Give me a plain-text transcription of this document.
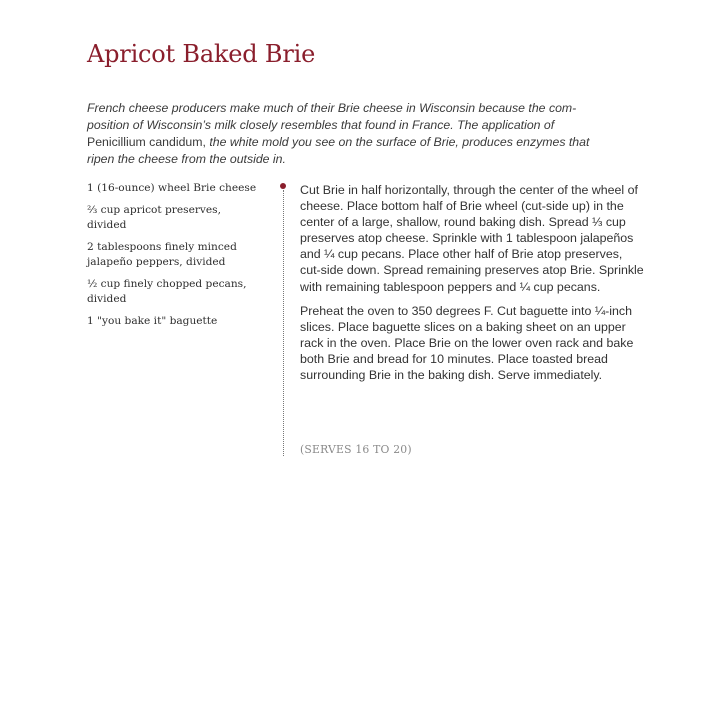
Apricot Baked Brie

French cheese producers make much of their Brie cheese in Wisconsin because the com-position of Wisconsin’s milk closely resembles that found in France. The application of Penicillium candidum, the white mold you see on the surface of Brie, produces enzymes that ripen the cheese from the outside in.

1 (16-ounce) wheel Brie cheese
⅔ cup apricot preserves, divided
2 tablespoons finely minced jalapeño peppers, divided
½ cup finely chopped pecans, divided
1 "you bake it" baguette

Cut Brie in half horizontally, through the center of the wheel of cheese. Place bottom half of Brie wheel (cut-side up) in the center of a large, shallow, round baking dish. Spread ⅓ cup preserves atop cheese. Sprinkle with 1 tablespoon jalapeños and ¼ cup pecans. Place other half of Brie atop preserves, cut-side down. Spread remaining preserves atop Brie. Sprinkle with remaining tablespoon peppers and ¼ cup pecans.

Preheat the oven to 350 degrees F. Cut baguette into ¼-inch slices. Place baguette slices on a baking sheet on an upper rack in the oven. Place Brie on the lower oven rack and bake both Brie and bread for 10 minutes. Place toasted bread surrounding Brie in the baking dish. Serve immediately.

(SERVES 16 TO 20)
